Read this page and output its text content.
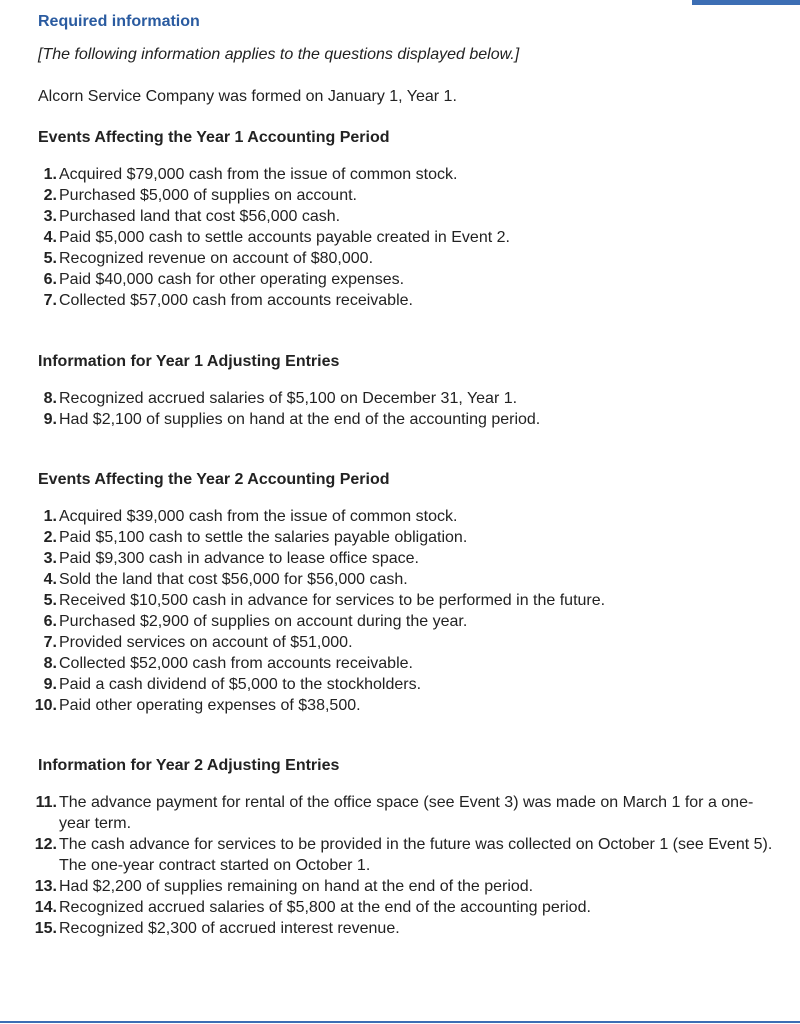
Required information

[The following information applies to the questions displayed below.]

Alcorn Service Company was formed on January 1, Year 1.

Events Affecting the Year 1 Accounting Period

1. Acquired $79,000 cash from the issue of common stock.
2. Purchased $5,000 of supplies on account.
3. Purchased land that cost $56,000 cash.
4. Paid $5,000 cash to settle accounts payable created in Event 2.
5. Recognized revenue on account of $80,000.
6. Paid $40,000 cash for other operating expenses.
7. Collected $57,000 cash from accounts receivable.

Information for Year 1 Adjusting Entries

8. Recognized accrued salaries of $5,100 on December 31, Year 1.
9. Had $2,100 of supplies on hand at the end of the accounting period.

Events Affecting the Year 2 Accounting Period

1. Acquired $39,000 cash from the issue of common stock.
2. Paid $5,100 cash to settle the salaries payable obligation.
3. Paid $9,300 cash in advance to lease office space.
4. Sold the land that cost $56,000 for $56,000 cash.
5. Received $10,500 cash in advance for services to be performed in the future.
6. Purchased $2,900 of supplies on account during the year.
7. Provided services on account of $51,000.
8. Collected $52,000 cash from accounts receivable.
9. Paid a cash dividend of $5,000 to the stockholders.
10. Paid other operating expenses of $38,500.

Information for Year 2 Adjusting Entries

11. The advance payment for rental of the office space (see Event 3) was made on March 1 for a one-year term.
12. The cash advance for services to be provided in the future was collected on October 1 (see Event 5). The one-year contract started on October 1.
13. Had $2,200 of supplies remaining on hand at the end of the period.
14. Recognized accrued salaries of $5,800 at the end of the accounting period.
15. Recognized $2,300 of accrued interest revenue.
